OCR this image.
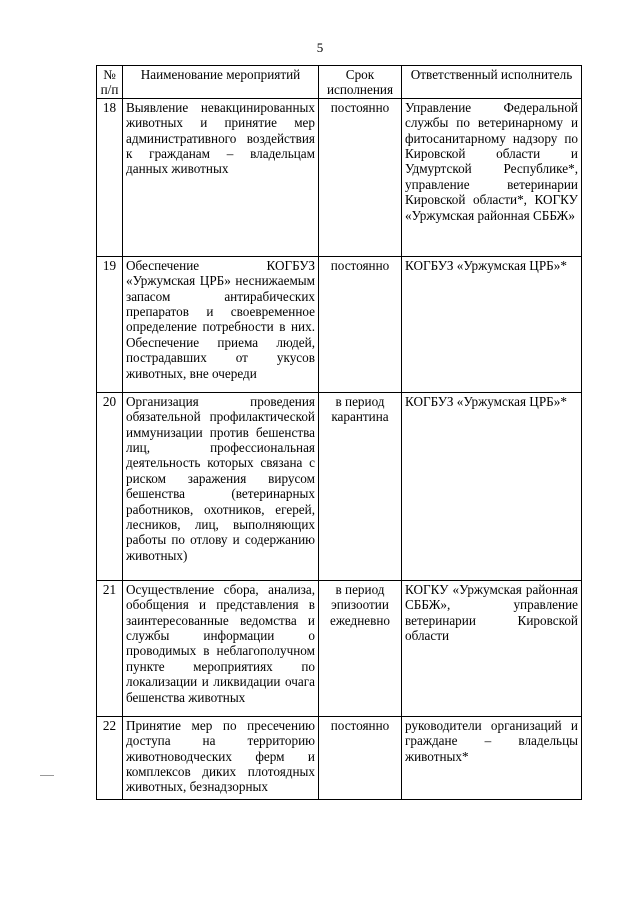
5
№ п/п	Наименование мероприятий	Срок исполнения	Ответственный исполнитель
18	Выявление невакцинированных животных и принятие мер административного воздействия к гражданам – владельцам данных животных	постоянно	Управление Федеральной службы по ветеринарному и фитосанитарному надзору по Кировской области и Удмуртской Республике*, управление ветеринарии Кировской области*, КОГКУ «Уржумская районная СББЖ»
19	Обеспечение КОГБУЗ «Уржумская ЦРБ» неснижаемым запасом антирабических препаратов и своевременное определение потребности в них. Обеспечение приема людей, пострадавших от укусов животных, вне очереди	постоянно	КОГБУЗ «Уржумская ЦРБ»*
20	Организация проведения обязательной профилактической иммунизации против бешенства лиц, профессиональная деятельность которых связана с риском заражения вирусом бешенства (ветеринарных работников, охотников, егерей, лесников, лиц, выполняющих работы по отлову и содержанию животных)	в период карантина	КОГБУЗ «Уржумская ЦРБ»*
21	Осуществление сбора, анализа, обобщения и представления в заинтересованные ведомства и службы информации о проводимых в неблагополучном пункте мероприятиях по локализации и ликвидации очага бешенства животных	в период эпизоотии ежедневно	КОГКУ «Уржумская районная СББЖ», управление ветеринарии Кировской области
22	Принятие мер по пресечению доступа на территорию животноводческих ферм и комплексов диких плотоядных животных, безнадзорных	постоянно	руководители организаций и граждане – владельцы животных*
